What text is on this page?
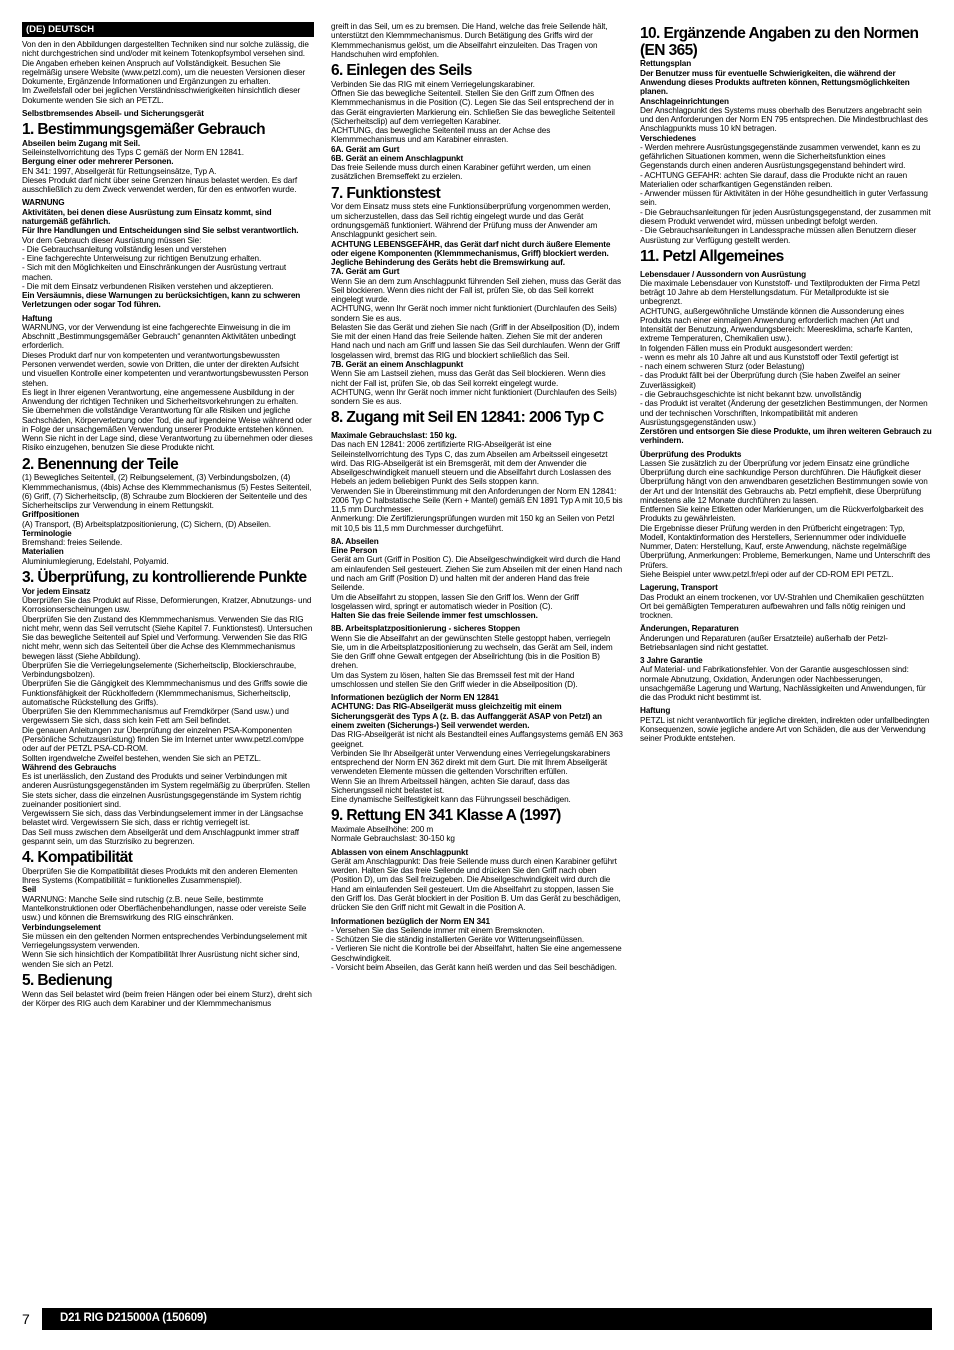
(DE) DEUTSCH

Von den in den Abbildungen dargestellten Techniken sind nur solche zulässig, die nicht durchgestrichen sind und/oder mit keinem Totenkopfsymbol versehen sind.

Die Angaben erheben keinen Anspruch auf Vollständigkeit. Besuchen Sie regelmäßig unsere Website (www.petzl.com), um die neuesten Versionen dieser Dokumente, Ergänzende Informationen und Ergänzungen zu erhalten.

Im Zweifelsfall oder bei jeglichen Verständnisschwierigkeiten hinsichtlich dieser Dokumente wenden Sie sich an PETZL.

Selbstbremsendes Abseil- und Sicherungsgerät

1. Bestimmungsgemäßer Gebrauch

Abseilen beim Zugang mit Seil.

Seileinstellvorrichtung des Typs C gemäß der Norm EN 12841.

Bergung einer oder mehrerer Personen.

EN 341: 1997, Abseilgerät für Rettungseinsätze, Typ A.

Dieses Produkt darf nicht über seine Grenzen hinaus belastet werden. Es darf ausschließlich zu dem Zweck verwendet werden, für den es entworfen wurde.

WARNUNG

Aktivitäten, bei denen diese Ausrüstung zum Einsatz kommt, sind naturgemäß gefährlich.

Für Ihre Handlungen und Entscheidungen sind Sie selbst verantwortlich.

Vor dem Gebrauch dieser Ausrüstung müssen Sie:

- Die Gebrauchsanleitung vollständig lesen und verstehen

- Eine fachgerechte Unterweisung zur richtigen Benutzung erhalten.

- Sich mit den Möglichkeiten und Einschränkungen der Ausrüstung vertraut machen.

- Die mit dem Einsatz verbundenen Risiken verstehen und akzeptieren.

Ein Versäumnis, diese Warnungen zu berücksichtigen, kann zu schweren Verletzungen oder sogar Tod führen.

Haftung

WARNUNG, vor der Verwendung ist eine fachgerechte Einweisung in die im Abschnitt „Bestimmungsgemäßer Gebrauch“ genannten Aktivitäten unbedingt erforderlich.

Dieses Produkt darf nur von kompetenten und verantwortungsbewussten Personen verwendet werden, sowie von Dritten, die unter der direkten Aufsicht und visuellen Kontrolle einer kompetenten und verantwortungsbewussten Person stehen.

Es liegt in Ihrer eigenen Verantwortung, eine angemessene Ausbildung in der Anwendung der richtigen Techniken und Sicherheitsvorkehrungen zu erhalten.

Sie übernehmen die vollständige Verantwortung für alle Risiken und jegliche Sachschäden, Körperverletzung oder Tod, die auf irgendeine Weise während oder in Folge der unsachgemäßen Verwendung unserer Produkte entstehen können. Wenn Sie nicht in der Lage sind, diese Verantwortung zu übernehmen oder dieses Risiko einzugehen, benutzen Sie diese Produkte nicht.

2. Benennung der Teile

(1) Bewegliches Seitenteil, (2) Reibungselement, (3) Verbindungsbolzen, (4) Klemmmechanismus, (4bis) Achse des Klemmmechanismus (5) Festes Seitenteil, (6) Griff, (7) Sicherheitsclip, (8) Schraube zum Blockieren der Seitenteile und des Sicherheitsclips zur Verwendung in einem Rettungskit.

Griffpositionen

(A) Transport, (B) Arbeitsplatzpositionierung, (C) Sichern, (D) Abseilen.

Terminologie

Bremshand: freies Seilende.

Materialien

Aluminiumlegierung, Edelstahl, Polyamid.

3. Überprüfung, zu kontrollierende Punkte

Vor jedem Einsatz

Überprüfen Sie das Produkt auf Risse, Deformierungen, Kratzer, Abnutzungs- und Korrosionserscheinungen usw.

Überprüfen Sie den Zustand des Klemmmechanismus. Verwenden Sie das RIG nicht mehr, wenn das Seil verrutscht (Siehe Kapitel 7. Funktionstest). Untersuchen Sie das bewegliche Seitenteil auf Spiel und Verformung. Verwenden Sie das RIG nicht mehr, wenn sich das Seitenteil über die Achse des Klemmmechanismus bewegen lässt (Siehe Abbildung).

Überprüfen Sie die Verriegelungselemente (Sicherheitsclip, Blockierschraube, Verbindungsbolzen).

Überprüfen Sie die Gängigkeit des Klemmmechanismus und des Griffs sowie die Funktionsfähigkeit der Rückholfedern (Klemmmechanismus, Sicherheitsclip, automatische Rückstellung des Griffs).

Überprüfen Sie den Klemmmechanismus auf Fremdkörper (Sand usw.) und vergewissern Sie sich, dass sich kein Fett am Seil befindet.

Die genauen Anleitungen zur Überprüfung der einzelnen PSA-Komponenten (Persönliche Schutzausrüstung) finden Sie im Internet unter www.petzl.com/ppe oder auf der PETZL PSA-CD-ROM.

Sollten irgendwelche Zweifel bestehen, wenden Sie sich an PETZL.

Während des Gebrauchs

Es ist unerlässlich, den Zustand des Produkts und seiner Verbindungen mit anderen Ausrüstungsgegenständen im System regelmäßig zu überprüfen. Stellen Sie stets sicher, dass die einzelnen Ausrüstungsgegenstände im System richtig zueinander positioniert sind.

Vergewissern Sie sich, dass das Verbindungselement immer in der Längsachse belastet wird. Vergewissern Sie sich, dass er richtig verriegelt ist.

Das Seil muss zwischen dem Abseilgerät und dem Anschlagpunkt immer straff gespannt sein, um das Sturzrisiko zu begrenzen.

4. Kompatibilität

Überprüfen Sie die Kompatibilität dieses Produkts mit den anderen Elementen Ihres Systems (Kompatibilität = funktionelles Zusammenspiel).

Seil

WARNUNG: Manche Seile sind rutschig (z.B. neue Seile, bestimmte Mantelkonstruktionen oder Oberflächenbehandlungen, nasse oder vereiste Seile usw.) und können die Bremswirkung des RIG einschränken.

Verbindungselement

Sie müssen ein den geltenden Normen entsprechendes Verbindungselement mit Verriegelungssystem verwenden.

Wenn Sie sich hinsichtlich der Kompatibilität Ihrer Ausrüstung nicht sicher sind, wenden Sie sich an Petzl.

5. Bedienung

Wenn das Seil belastet wird (beim freien Hängen oder bei einem Sturz), dreht sich der Körper des RIG auch dem Karabiner und der Klemmmechanismus

greift in das Seil, um es zu bremsen. Die Hand, welche das freie Seilende hält, unterstützt den Klemmmechanismus. Durch Betätigung des Griffs wird der Klemmmechanismus gelöst, um die Abseilfahrt einzuleiten. Das Tragen von Handschuhen wird empfohlen.

6. Einlegen des Seils

Verbinden Sie das RIG mit einem Verriegelungskarabiner.

Öffnen Sie das bewegliche Seitenteil. Stellen Sie den Griff zum Öffnen des Klemmmechanismus in die Position (C). Legen Sie das Seil entsprechend der in das Gerät eingravierten Markierung ein. Schließen Sie das bewegliche Seitenteil (Sicherheitsclip) auf dem verriegelten Karabiner.

ACHTUNG, das bewegliche Seitenteil muss an der Achse des Klemmmechanismus und am Karabiner einrasten.

6A. Gerät am Gurt

6B. Gerät an einem Anschlagpunkt

Das freie Seilende muss durch einen Karabiner geführt werden, um einen zusätzlichen Bremseffekt zu erzielen.

7. Funktionstest

Vor dem Einsatz muss stets eine Funktionsüberprüfung vorgenommen werden, um sicherzustellen, dass das Seil richtig eingelegt wurde und das Gerät ordnungsgemäß funktioniert. Während der Prüfung muss der Anwender am Anschlagpunkt gesichert sein.

ACHTUNG LEBENSGEFÄHR, das Gerät darf nicht durch äußere Elemente oder eigene Komponenten (Klemmmechanismus, Griff) blockiert werden. Jegliche Behinderung des Geräts hebt die Bremswirkung auf.

7A. Gerät am Gurt

Wenn Sie an dem zum Anschlagpunkt führenden Seil ziehen, muss das Gerät das Seil blockieren. Wenn dies nicht der Fall ist, prüfen Sie, ob das Seil korrekt eingelegt wurde.

ACHTUNG, wenn Ihr Gerät noch immer nicht funktioniert (Durchlaufen des Seils) sondern Sie es aus.

Belasten Sie das Gerät und ziehen Sie nach (Griff in der Abseilposition (D), indem Sie mit der einen Hand das freie Seilende halten. Ziehen Sie mit der anderen Hand nach und nach am Griff und lassen Sie das Seil durchlaufen. Wenn der Griff losgelassen wird, bremst das RIG und blockiert schließlich das Seil.

7B. Gerät an einem Anschlagpunkt

Wenn Sie am Lastseil ziehen, muss das Gerät das Seil blockieren. Wenn dies nicht der Fall ist, prüfen Sie, ob das Seil korrekt eingelegt wurde.

ACHTUNG, wenn Ihr Gerät noch immer nicht funktioniert (Durchlaufen des Seils) sondern Sie es aus.

8. Zugang mit Seil EN 12841: 2006 Typ C

Maximale Gebrauchslast: 150 kg.

Das nach EN 12841: 2006 zertifizierte RIG-Abseilgerät ist eine Seileinstellvorrichtung des Typs C, das zum Abseilen am Arbeitsseil eingesetzt wird. Das RIG-Abseilgerät ist ein Bremsgerät, mit dem der Anwender die Abseilgeschwindigkeit manuell steuern und die Abseilfahrt durch Loslassen des Hebels an jedem beliebigen Punkt des Seils stoppen kann.

Verwenden Sie in Übereinstimmung mit den Anforderungen der Norm EN 12841: 2006 Typ C halbstatische Seile (Kern + Mantel) gemäß EN 1891 Typ A mit 10,5 bis 11,5 mm Durchmesser.

Anmerkung: Die Zertifizierungsprüfungen wurden mit 150 kg an Seilen von Petzl mit 10,5 bis 11,5 mm Durchmesser durchgeführt.

8A. Abseilen

Eine Person

Gerät am Gurt (Griff in Position C). Die Abseilgeschwindigkeit wird durch die Hand am einlaufenden Seil gesteuert. Ziehen Sie zum Abseilen mit der einen Hand nach und nach am Griff (Position D) und halten mit der anderen Hand das freie Seilende.

Um die Abseilfahrt zu stoppen, lassen Sie den Griff los. Wenn der Griff losgelassen wird, springt er automatisch wieder in Position (C).

Halten Sie das freie Seilende immer fest umschlossen.

8B. Arbeitsplatzpositionierung - sicheres Stoppen

Wenn Sie die Abseilfahrt an der gewünschten Stelle gestoppt haben, verriegeln Sie, um in die Arbeitsplatzpositionierung zu wechseln, das Gerät am Seil, indem Sie den Griff ohne Gewalt entgegen der Abseilrichtung (bis in die Position B) drehen.

Um das System zu lösen, halten Sie das Bremsseil fest mit der Hand umschlossen und stellen Sie den Griff wieder in die Abseilposition (D).

Informationen bezüglich der Norm EN 12841

ACHTUNG: Das RIG-Abseilgerät muss gleichzeitig mit einem Sicherungsgerät des Typs A (z. B. das Auffanggerät ASAP von Petzl) an einem zweiten (Sicherungs-) Seil verwendet werden.

Das RIG-Abseilgerät ist nicht als Bestandteil eines Auffangsystems gemäß EN 363 geeignet.

Verbinden Sie Ihr Abseilgerät unter Verwendung eines Verriegelungskarabiners entsprechend der Norm EN 362 direkt mit dem Gurt. Die mit Ihrem Abseilgerät verwendeten Elemente müssen die geltenden Vorschriften erfüllen.

Wenn Sie an Ihrem Arbeitsseil hängen, achten Sie darauf, dass das Sicherungsseil nicht belastet ist.

Eine dynamische Seilfestigkeit kann das Führungsseil beschädigen.

9. Rettung EN 341 Klasse A (1997)

Maximale Abseilhöhe: 200 m

Normale Gebrauchslast: 30-150 kg

Ablassen von einem Anschlagpunkt

Gerät am Anschlagpunkt: Das freie Seilende muss durch einen Karabiner geführt werden. Halten Sie das freie Seilende und drücken Sie den Griff nach oben (Position D), um das Seil freizugeben. Die Abseilgeschwindigkeit wird durch die Hand am einlaufenden Seil gesteuert. Um die Abseilfahrt zu stoppen, lassen Sie den Griff los. Das Gerät blockiert in der Position B. Um das Gerät zu beschädigen, drücken Sie den Griff nicht mit Gewalt in die Position A.

Informationen bezüglich der Norm EN 341

- Versehen Sie das Seilende immer mit einem Bremsknoten.

- Schützen Sie die ständig installierten Geräte vor Witterungseinflüssen.

- Verlieren Sie nicht die Kontrolle bei der Abseilfahrt, halten Sie eine angemessene Geschwindigkeit.

- Vorsicht beim Abseilen, das Gerät kann heiß werden und das Seil beschädigen.

10. Ergänzende Angaben zu den Normen (EN 365)

Rettungsplan

Der Benutzer muss für eventuelle Schwierigkeiten, die während der Anwendung dieses Produkts auftreten können, Rettungsmöglichkeiten planen.

Anschlageinrichtungen

Der Anschlagpunkt des Systems muss oberhalb des Benutzers angebracht sein und den Anforderungen der Norm EN 795 entsprechen. Die Mindestbruchlast des Anschlagpunkts muss 10 kN betragen.

Verschiedenes

- Werden mehrere Ausrüstungsgegenstände zusammen verwendet, kann es zu gefährlichen Situationen kommen, wenn die Sicherheitsfunktion eines Gegenstands durch einen anderen Ausrüstungsgegenstand behindert wird.

- ACHTUNG GEFAHR: achten Sie darauf, dass die Produkte nicht an rauen Materialien oder scharfkantigen Gegenständen reiben.

- Anwender müssen für Aktivitäten in der Höhe gesundheitlich in guter Verfassung sein.

- Die Gebrauchsanleitungen für jeden Ausrüstungsgegenstand, der zusammen mit diesem Produkt verwendet wird, müssen unbedingt befolgt werden.

- Die Gebrauchsanleitungen in Landessprache müssen allen Benutzern dieser Ausrüstung zur Verfügung gestellt werden.

11. Petzl Allgemeines

Lebensdauer / Aussondern von Ausrüstung

Die maximale Lebensdauer von Kunststoff- und Textilprodukten der Firma Petzl beträgt 10 Jahre ab dem Herstellungsdatum. Für Metallprodukte ist sie unbegrenzt.

ACHTUNG, außergewöhnliche Umstände können die Aussonderung eines Produkts nach einer einmaligen Anwendung erforderlich machen (Art und Intensität der Benutzung, Anwendungsbereich: Meeresklima, scharfe Kanten, extreme Temperaturen, Chemikalien usw.).

In folgenden Fällen muss ein Produkt ausgesondert werden:

- wenn es mehr als 10 Jahre alt und aus Kunststoff oder Textil gefertigt ist

- nach einem schweren Sturz (oder Belastung)

- das Produkt fällt bei der Überprüfung durch (Sie haben Zweifel an seiner Zuverlässigkeit)

- die Gebrauchsgeschichte ist nicht bekannt bzw. unvollständig

- das Produkt ist veraltet (Änderung der gesetzlichen Bestimmungen, der Normen und der technischen Vorschriften, Inkompatibilität mit anderen Ausrüstungsgegenständen usw.)

Zerstören und entsorgen Sie diese Produkte, um ihren weiteren Gebrauch zu verhindern.

Überprüfung des Produkts

Lassen Sie zusätzlich zu der Überprüfung vor jedem Einsatz eine gründliche Überprüfung durch eine sachkundige Person durchführen. Die Häufigkeit dieser Überprüfung hängt von den anwendbaren gesetzlichen Bestimmungen sowie von der Art und der Intensität des Gebrauchs ab. Petzl empfiehlt, diese Überprüfung mindestens alle 12 Monate durchführen zu lassen.

Entfernen Sie keine Etiketten oder Markierungen, um die Rückverfolgbarkeit des Produkts zu gewährleisten.

Die Ergebnisse dieser Prüfung werden in den Prüfbericht eingetragen: Typ, Modell, Kontaktinformation des Herstellers, Seriennummer oder individuelle Nummer, Daten: Herstellung, Kauf, erste Anwendung, nächste regelmäßige Überprüfung, Anmerkungen: Probleme, Bemerkungen, Name und Unterschrift des Prüfers.

Siehe Beispiel unter www.petzl.fr/epi oder auf der CD-ROM EPI PETZL.

Lagerung, Transport

Das Produkt an einem trockenen, vor UV-Strahlen und Chemikalien geschützten Ort bei gemäßigten Temperaturen aufbewahren und falls nötig reinigen und trocknen.

Änderungen, Reparaturen

Änderungen und Reparaturen (außer Ersatzteile) außerhalb der Petzl-Betriebsanlagen sind nicht gestattet.

3 Jahre Garantie

Auf Material- und Fabrikationsfehler. Von der Garantie ausgeschlossen sind: normale Abnutzung, Oxidation, Änderungen oder Nachbesserungen, unsachgemäße Lagerung und Wartung, Nachlässigkeiten und Anwendungen, für die das Produkt nicht bestimmt ist.

Haftung

PETZL ist nicht verantwortlich für jegliche direkten, indirekten oder unfallbedingten Konsequenzen, sowie jegliche andere Art von Schäden, die aus der Verwendung seiner Produkte entstehen.

7	D21 RIG D215000A (150609)
